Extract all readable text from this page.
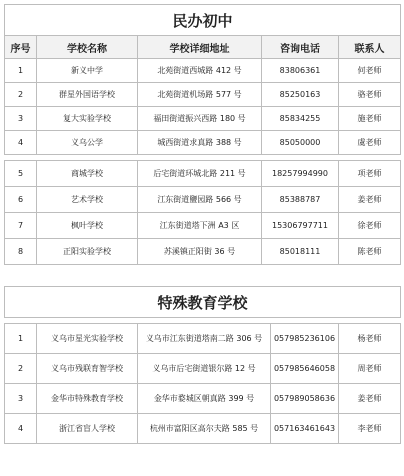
民办初中				
序号	学校名称	学校详细地址	咨询电话	联系人
1	新义中学	北苑街道西城路 412 号	83806361	何老师
2	群星外国语学校	北苑街道机场路 577 号	85250163	骆老师
3	复大实验学校	福田街道振兴西路 180 号	85834255	施老师
4	义乌公学	城西街道求真路 388 号	85050000	虞老师

5	商城学校	后宅街道环城北路 211 号	18257994990	项老师
6	艺术学校	江东街道鹽园路 566 号	85388787	姜老师
7	枫叶学校	江东街道塔下洲 A3 区	15306797711	徐老师
8	正阳实验学校	苏溪镇正阳街 36 号	85018111	陈老师
特殊教育学校				

1	义乌市星光实验学校	义乌市江东街道塔南二路 306 号	057985236106	杨老师
2	义乌市残联育智学校	义乌市后宅街道银尔路 12 号	057985646058	周老师
3	金华市特殊教育学校	金华市婺城区朝真路 399 号	057989058636	姜老师
4	浙江省盲人学校	杭州市富阳区高尔夫路 585 号	057163461643	李老师
